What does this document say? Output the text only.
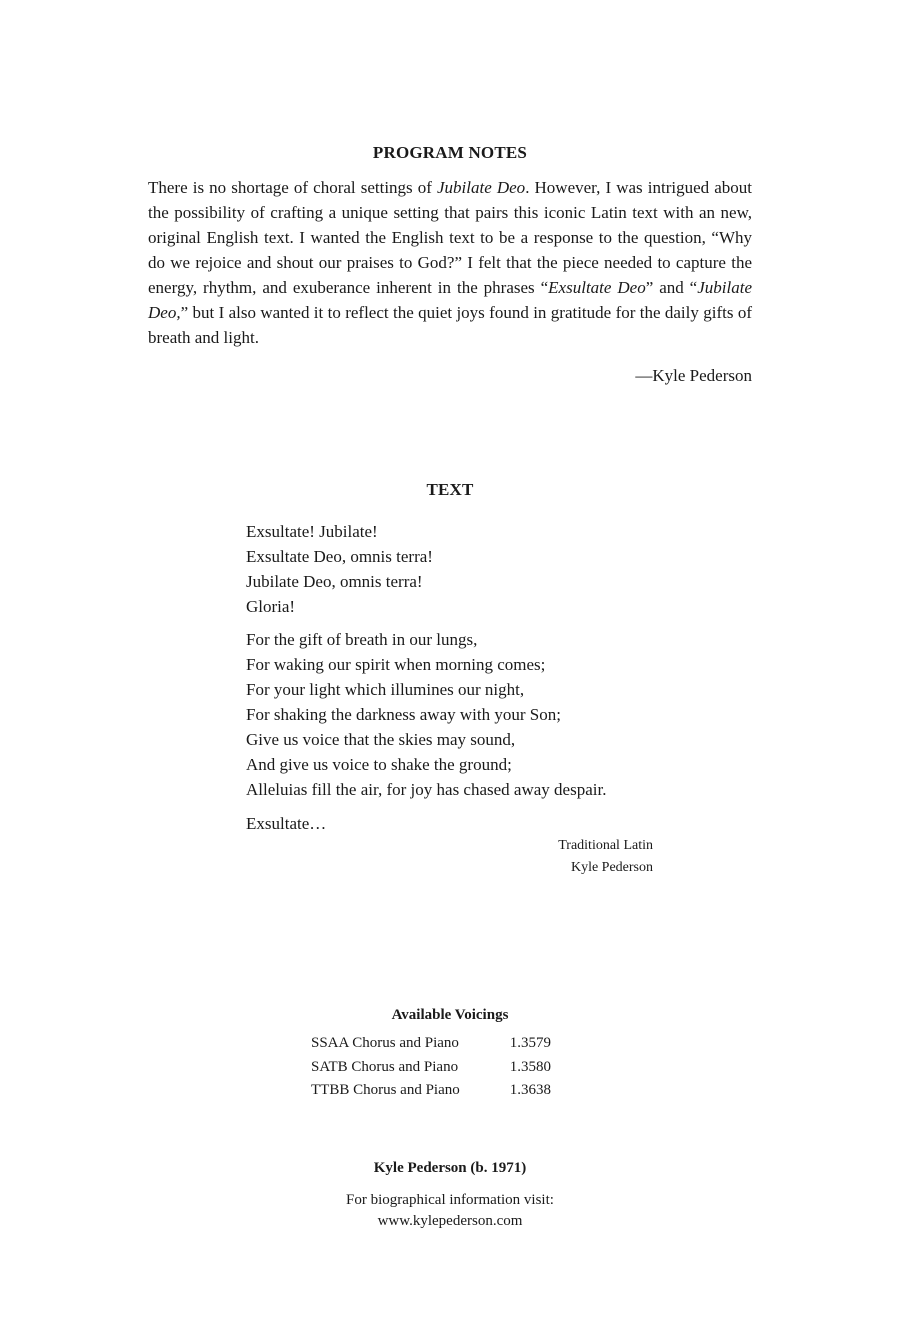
PROGRAM NOTES
There is no shortage of choral settings of Jubilate Deo. However, I was intrigued about the possibility of crafting a unique setting that pairs this iconic Latin text with an new, original English text. I wanted the English text to be a response to the question, “Why do we rejoice and shout our praises to God?” I felt that the piece needed to capture the energy, rhythm, and exuberance inherent in the phrases “Exsultate Deo” and “Jubilate Deo,” but I also wanted it to reflect the quiet joys found in gratitude for the daily gifts of breath and light.
—Kyle Pederson
TEXT
Exsultate! Jubilate!
Exsultate Deo, omnis terra!
Jubilate Deo, omnis terra!
Gloria!
For the gift of breath in our lungs,
For waking our spirit when morning comes;
For your light which illumines our night,
For shaking the darkness away with your Son;
Give us voice that the skies may sound,
And give us voice to shake the ground;
Alleluias fill the air, for joy has chased away despair.
Exsultate…
Traditional Latin
Kyle Pederson
Available Voicings
SSAA Chorus and Piano	1.3579
SATB Chorus and Piano	1.3580
TTBB Chorus and Piano	1.3638
Kyle Pederson (b. 1971)
For biographical information visit:
www.kylepederson.com
